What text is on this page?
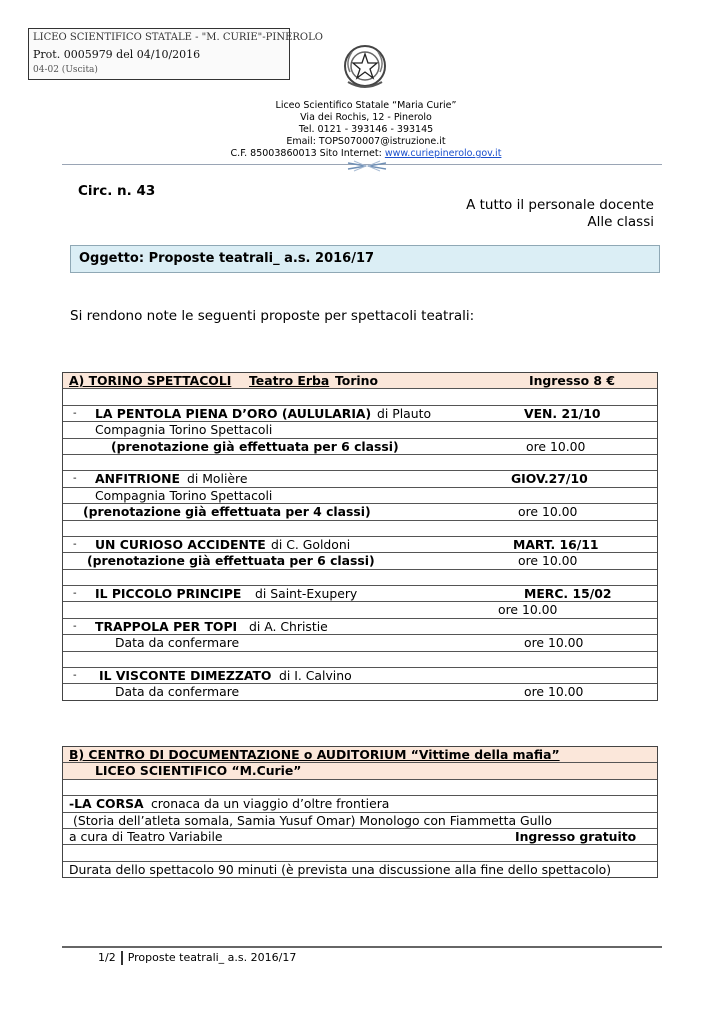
LICEO SCIENTIFICO STATALE - "M. CURIE"-PINEROLO
Prot. 0005979 del 04/10/2016
04-02 (Uscita)
Liceo Scientifico Statale “Maria Curie”
Via dei Rochis, 12 - Pinerolo
Tel. 0121 - 393146 - 393145
Email: TOPS070007@istruzione.it
C.F. 85003860013 Sito Internet: www.curiepinerolo.gov.it
Circ. n. 43
A tutto il personale docente
Alle classi
Oggetto: Proposte teatrali_ a.s. 2016/17
Si rendono note le seguenti proposte per spettacoli teatrali:
A) TORINO SPETTACOLI Teatro Erba Torino	Ingresso 8 €
- LA PENTOLA PIENA D’ORO (AULULARIA) di Plauto	VEN. 21/10
Compagnia Torino Spettacoli
(prenotazione già effettuata per 6 classi)	ore 10.00
- ANFITRIONE di Molière	GIOV.27/10
Compagnia Torino Spettacoli
(prenotazione già effettuata per 4 classi)	ore 10.00
- UN CURIOSO ACCIDENTE di C. Goldoni	MART. 16/11
(prenotazione già effettuata per 6 classi)	ore 10.00
- IL PICCOLO PRINCIPE di Saint-Exupery	MERC. 15/02
ore 10.00
- TRAPPOLA PER TOPI di A. Christie
Data da confermare	ore 10.00
- IL VISCONTE DIMEZZATO di I. Calvino
Data da confermare	ore 10.00
B) CENTRO DI DOCUMENTAZIONE o AUDITORIUM “Vittime della mafia”
LICEO SCIENTIFICO “M.Curie”
-LA CORSA cronaca da un viaggio d’oltre frontiera
(Storia dell’atleta somala, Samia Yusuf Omar) Monologo con Fiammetta Gullo
a cura di Teatro Variabile	Ingresso gratuito
Durata dello spettacolo 90 minuti (è prevista una discussione alla fine dello spettacolo)
1/2 Proposte teatrali_ a.s. 2016/17
